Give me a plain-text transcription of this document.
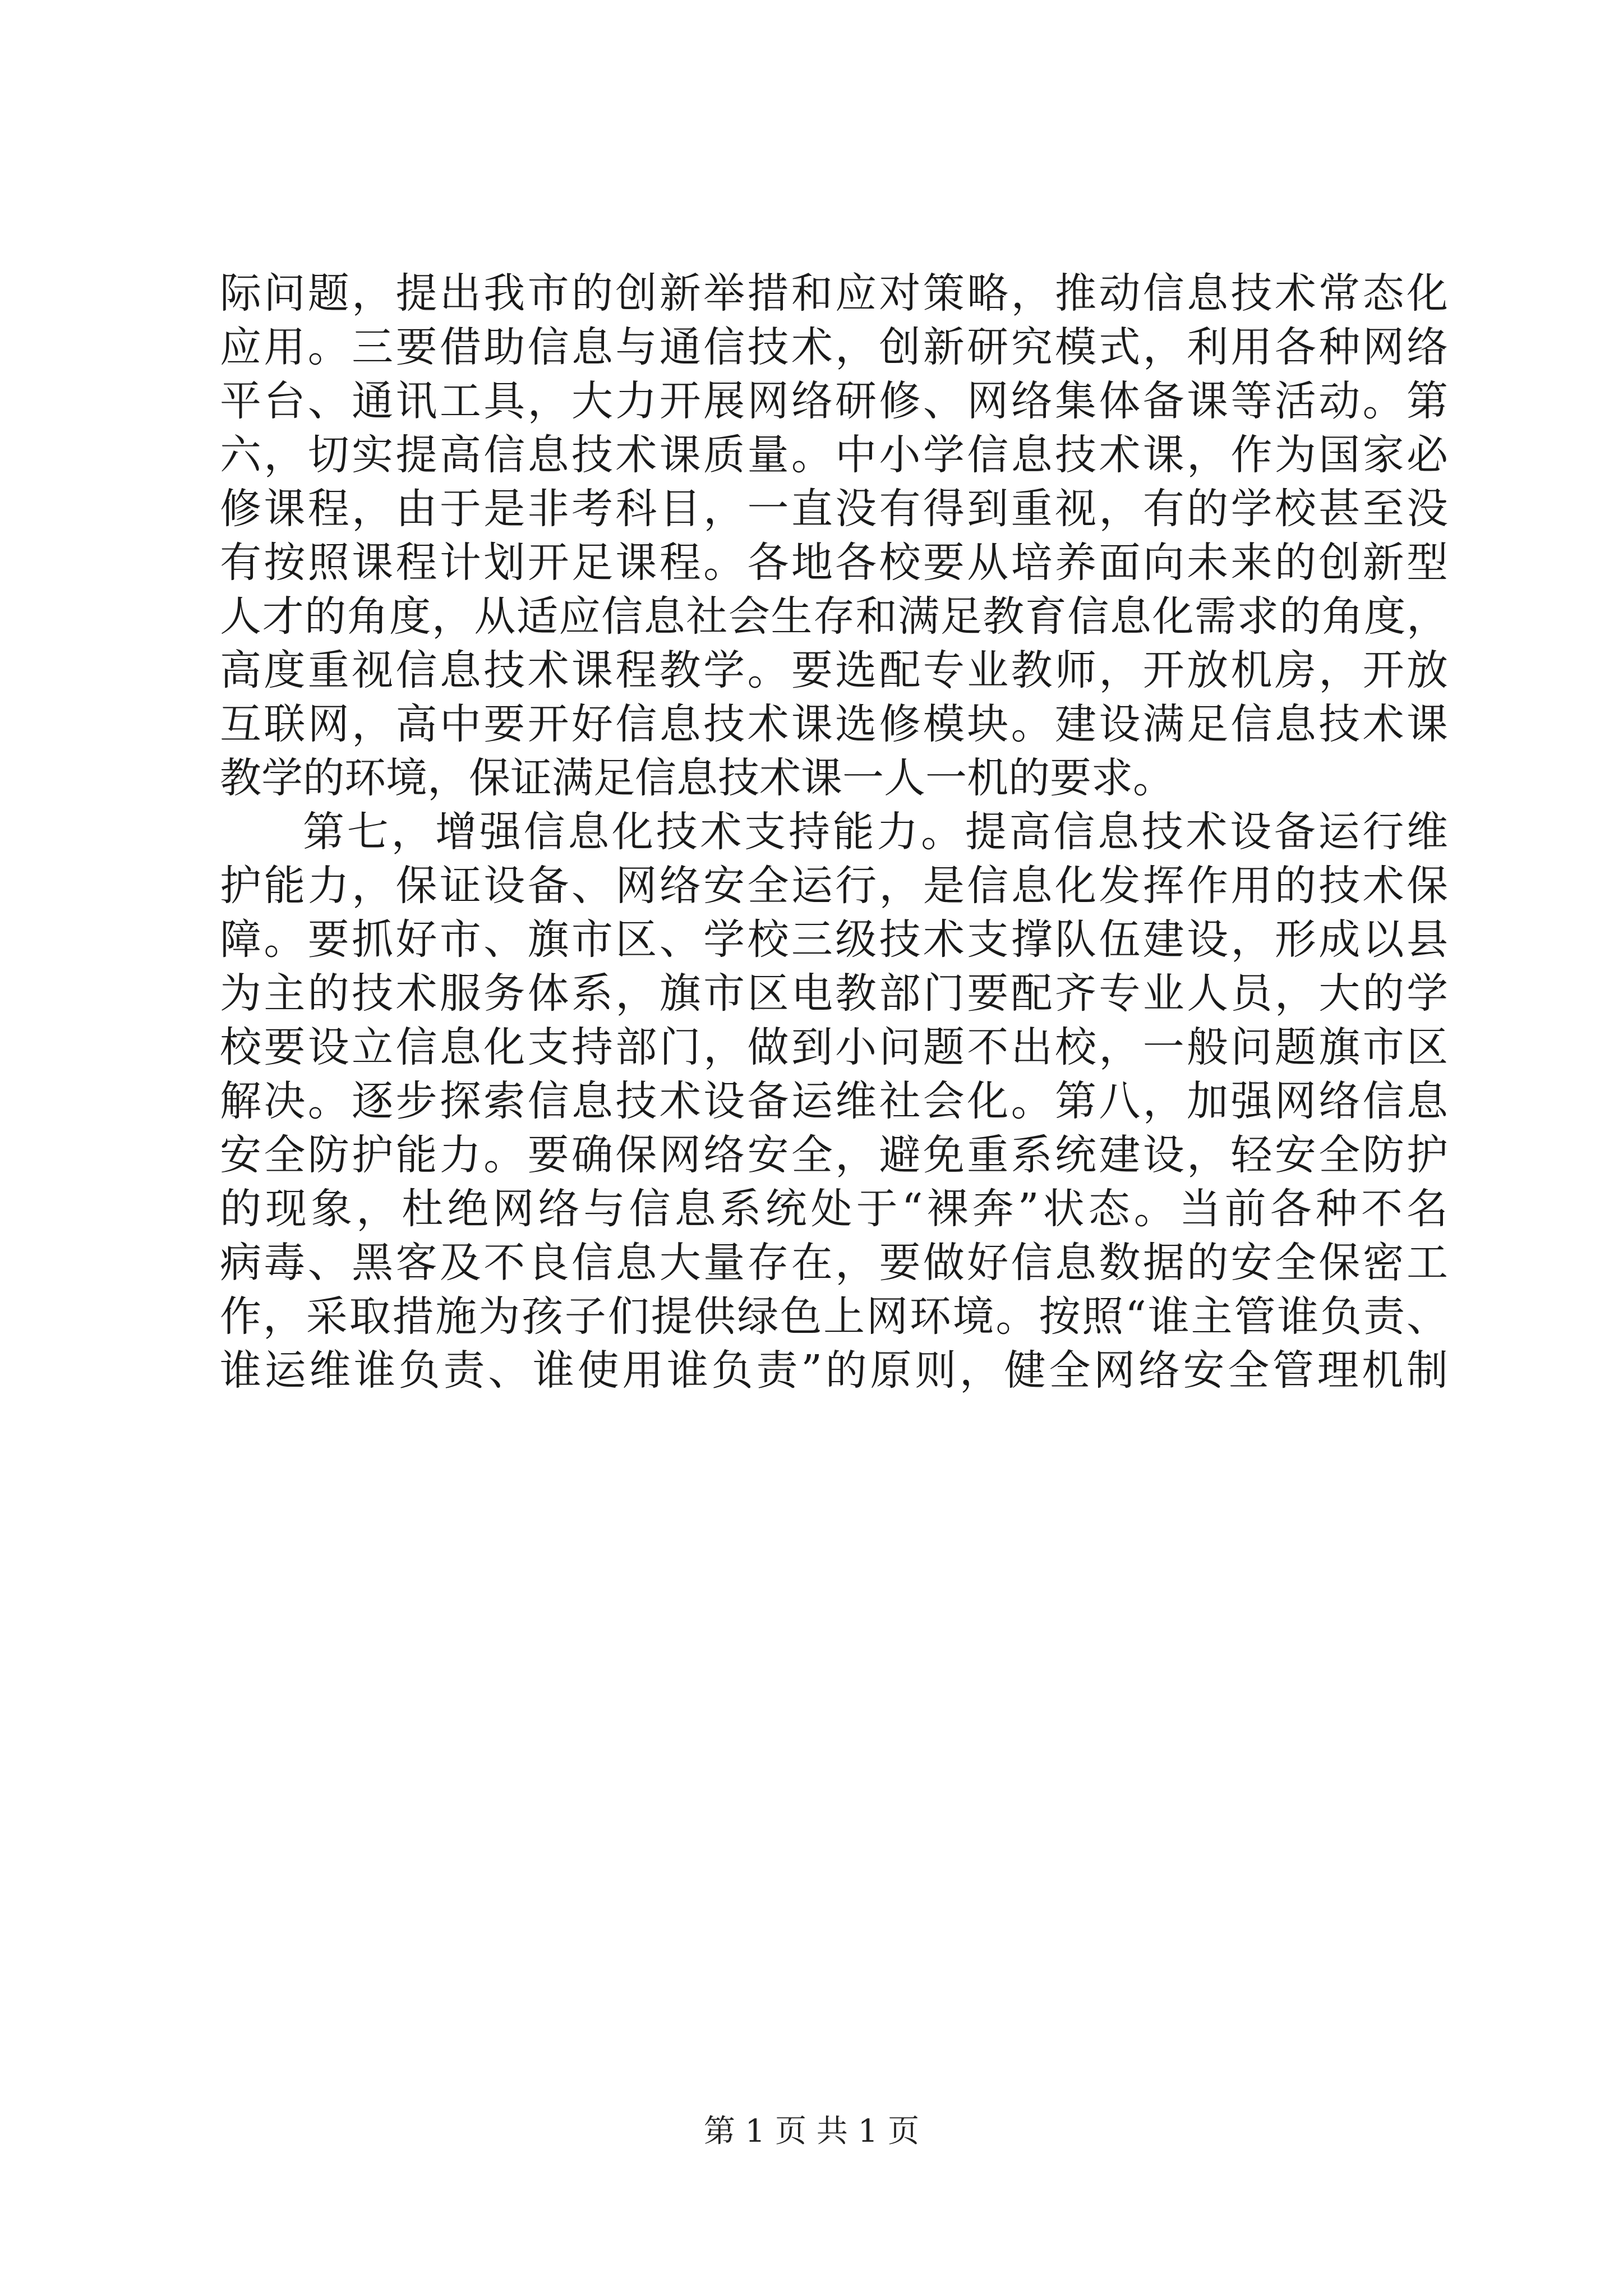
际问题，提出我市的创新举措和应对策略，推动信息技术常态化
应用。三要借助信息与通信技术，创新研究模式，利用各种网络
平台、通讯工具，大力开展网络研修、网络集体备课等活动。第
六，切实提高信息技术课质量。中小学信息技术课，作为国家必
修课程，由于是非考科目，一直没有得到重视，有的学校甚至没
有按照课程计划开足课程。各地各校要从培养面向未来的创新型
人才的角度，从适应信息社会生存和满足教育信息化需求的角度，
高度重视信息技术课程教学。要选配专业教师，开放机房，开放
互联网，高中要开好信息技术课选修模块。建设满足信息技术课
教学的环境，保证满足信息技术课一人一机的要求。
第七，增强信息化技术支持能力。提高信息技术设备运行维
护能力，保证设备、网络安全运行，是信息化发挥作用的技术保
障。要抓好市、旗市区、学校三级技术支撑队伍建设，形成以县
为主的技术服务体系，旗市区电教部门要配齐专业人员，大的学
校要设立信息化支持部门，做到小问题不出校，一般问题旗市区
解决。逐步探索信息技术设备运维社会化。第八，加强网络信息
安全防护能力。要确保网络安全，避免重系统建设，轻安全防护
的现象，杜绝网络与信息系统处于“裸奔”状态。当前各种不名
病毒、黑客及不良信息大量存在，要做好信息数据的安全保密工
作，采取措施为孩子们提供绿色上网环境。按照“谁主管谁负责、
谁运维谁负责、谁使用谁负责”的原则，健全网络安全管理机制
第 1 页 共 1 页
